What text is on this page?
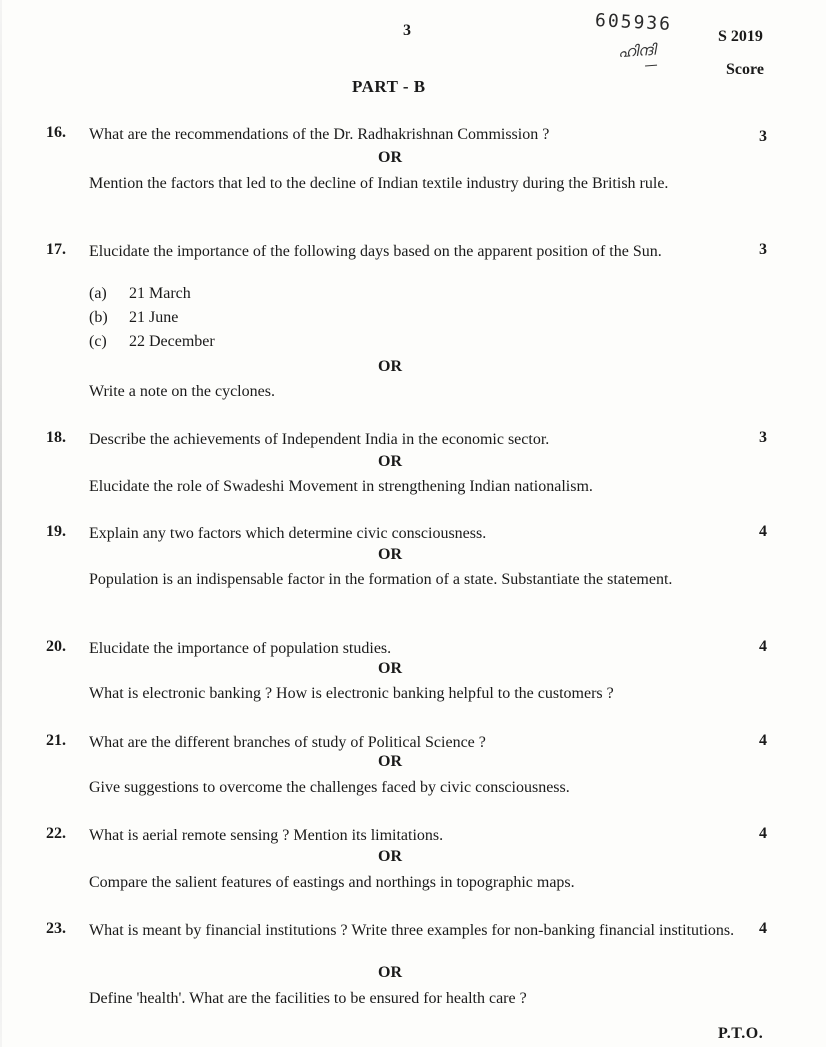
3	605936
ഹിന്ദി
S 2019
Score
PART - B
16.	What are the recommendations of the Dr. Radhakrishnan Commission ?	3
OR
Mention the factors that led to the decline of Indian textile industry during the British rule.
17.	Elucidate the importance of the following days based on the apparent position of the Sun.	3
(a)	21 March
(b)	21 June
(c)	22 December
OR
Write a note on the cyclones.
18.	Describe the achievements of Independent India in the economic sector.	3
OR
Elucidate the role of Swadeshi Movement in strengthening Indian nationalism.
19.	Explain any two factors which determine civic consciousness.	4
OR
Population is an indispensable factor in the formation of a state. Substantiate the statement.
20.	Elucidate the importance of population studies.	4
OR
What is electronic banking ? How is electronic banking helpful to the customers ?
21.	What are the different branches of study of Political Science ?	4
OR
Give suggestions to overcome the challenges faced by civic consciousness.
22.	What is aerial remote sensing ? Mention its limitations.	4
OR
Compare the salient features of eastings and northings in topographic maps.
23.	What is meant by financial institutions ? Write three examples for non-banking financial institutions. 4
OR
Define 'health'. What are the facilities to be ensured for health care ?
P.T.O.
